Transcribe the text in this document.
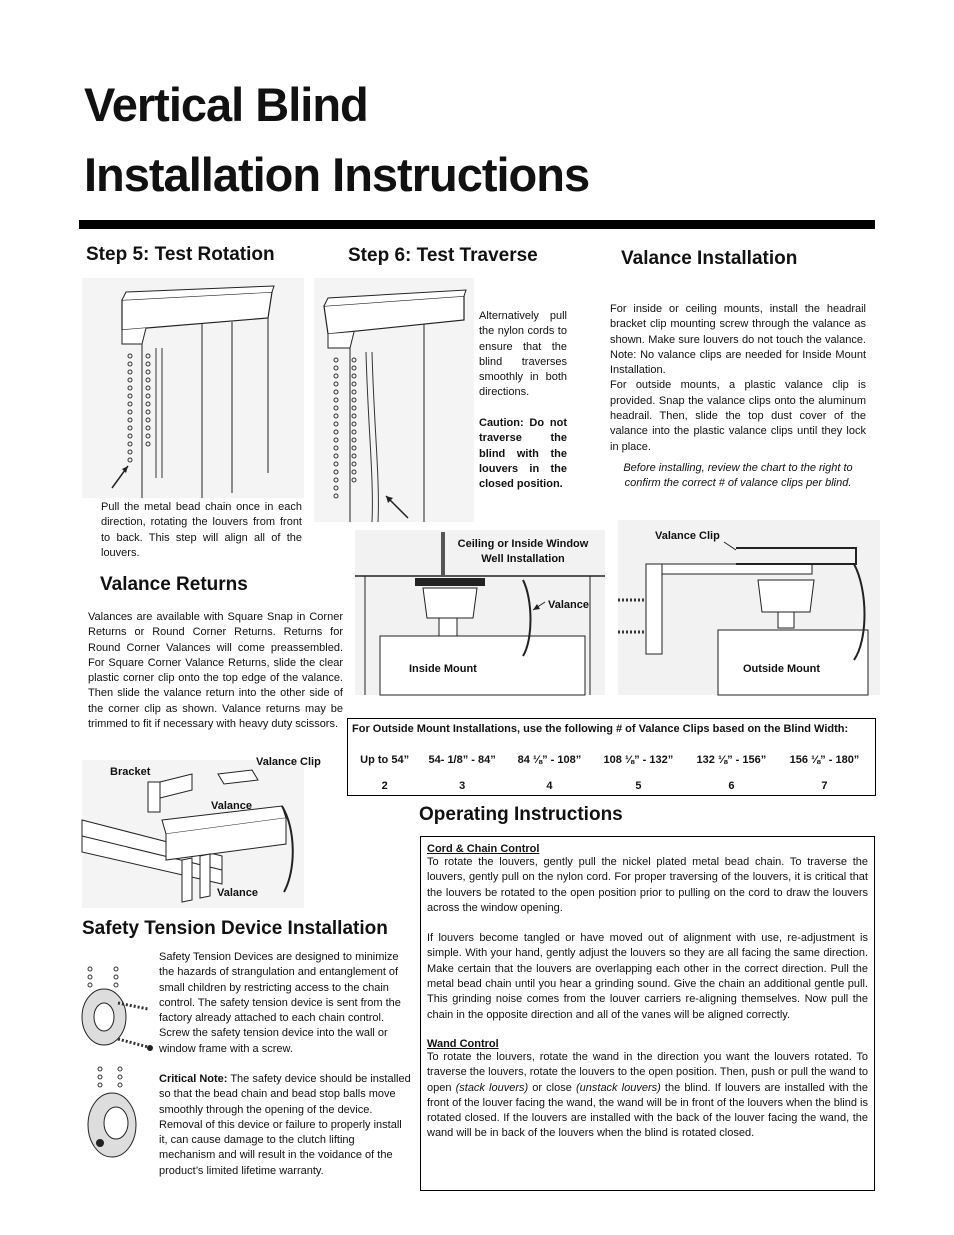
Vertical Blind
Installation Instructions
Step 5: Test Rotation
Pull the metal bead chain once in each direction, rotating the louvers from front to back. This step will align all of the louvers.
Step 6: Test Traverse
Alternatively pull the nylon cords to ensure that the blind traverses smoothly in both directions.
Caution: Do not traverse the blind with the louvers in the closed position.
Valance Installation
For inside or ceiling mounts, install the headrail bracket clip mounting screw through the valance as shown. Make sure louvers do not touch the valance. Note: No valance clips are needed for Inside Mount Installation.
For outside mounts, a plastic valance clip is provided. Snap the valance clips onto the aluminum headrail. Then, slide the top dust cover of the valance into the plastic valance clips until they lock in place.
Before installing, review the chart to the right to confirm the correct # of valance clips per blind.
Ceiling or Inside Window Well Installation
Valance
Inside Mount
Valance Clip
Outside Mount
Valance Returns
Valances are available with Square Snap in Corner Returns or Round Corner Returns. Returns for Round Corner Valances will come preassembled. For Square Corner Valance Returns, slide the clear plastic corner clip onto the top edge of the valance. Then slide the valance return into the other side of the corner clip as shown. Valance returns may be trimmed to fit if necessary with heavy duty scissors.
Bracket
Valance Clip
Valance
Valance
For Outside Mount Installations, use the following # of Valance Clips based on the Blind Width:
Up to 54”	54- 1/8” - 84”	84 ⅛” - 108”	108 ⅛” - 132”	132 ⅛” - 156”	156 ⅛” - 180”
2	3	4	5	6	7
Safety Tension Device Installation
Safety Tension Devices are designed to minimize the hazards of strangulation and entanglement of small children by restricting access to the chain control. The safety tension device is sent from the factory already attached to each chain control. Screw the safety tension device into the wall or window frame with a screw.
Critical Note: The safety device should be installed so that the bead chain and bead stop balls move smoothly through the opening of the device. Removal of this device or failure to properly install it, can cause damage to the clutch lifting mechanism and will result in the voidance of the product’s limited lifetime warranty.
Operating Instructions
Cord & Chain Control

To rotate the louvers, gently pull the nickel plated metal bead chain. To traverse the louvers, gently pull on the nylon cord. For proper traversing of the louvers, it is critical that the louvers be rotated to the open position prior to pulling on the cord to draw the louvers across the window opening.

If louvers become tangled or have moved out of alignment with use, re-adjustment is simple. With your hand, gently adjust the louvers so they are all facing the same direction. Make certain that the louvers are overlapping each other in the correct direction. Pull the metal bead chain until you hear a grinding sound. Give the chain an additional gentle pull. This grinding noise comes from the louver carriers re-aligning themselves. Now pull the chain in the opposite direction and all of the vanes will be aligned correctly.

Wand Control

To rotate the louvers, rotate the wand in the direction you want the louvers rotated. To traverse the louvers, rotate the louvers to the open position. Then, push or pull the wand to open (stack louvers) or close (unstack louvers) the blind. If louvers are installed with the front of the louver facing the wand, the wand will be in front of the louvers when the blind is rotated closed. If the louvers are installed with the back of the louver facing the wand, the wand will be in back of the louvers when the blind is rotated closed.
